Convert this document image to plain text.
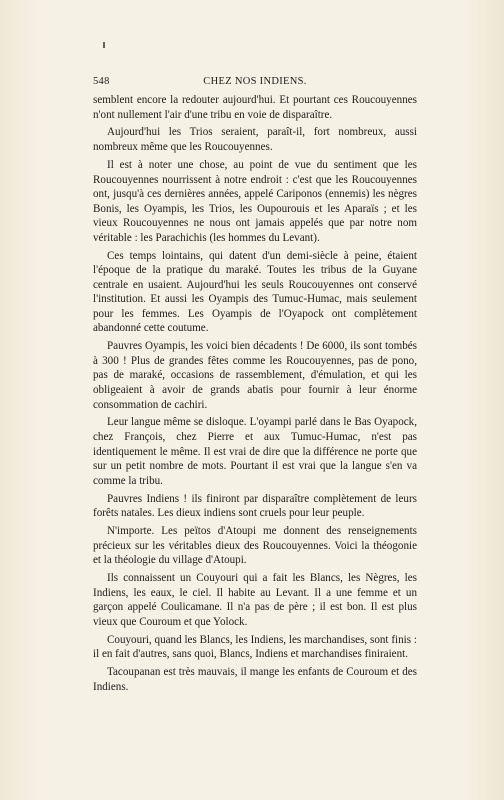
548	CHEZ NOS INDIENS.

semblent encore la redouter aujourd'hui. Et pourtant ces Roucouyennes n'ont nullement l'air d'une tribu en voie de disparaître.

Aujourd'hui les Trios seraient, paraît-il, fort nombreux, aussi nombreux même que les Roucouyennes.

Il est à noter une chose, au point de vue du sentiment que les Roucouyennes nourrissent à notre endroit : c'est que les Roucouyennes ont, jusqu'à ces dernières années, appelé Cariponos (ennemis) les nègres Bonis, les Oyampis, les Trios, les Oupourouis et les Aparaïs ; et les vieux Roucouyennes ne nous ont jamais appelés que par notre nom véritable : les Parachichis (les hommes du Levant).

Ces temps lointains, qui datent d'un demi-siècle à peine, étaient l'époque de la pratique du maraké. Toutes les tribus de la Guyane centrale en usaient. Aujourd'hui les seuls Roucouyennes ont conservé l'institution. Et aussi les Oyampis des Tumuc-Humac, mais seulement pour les femmes. Les Oyampis de l'Oyapock ont complètement abandonné cette coutume.

Pauvres Oyampis, les voici bien décadents ! De 6000, ils sont tombés à 300 ! Plus de grandes fêtes comme les Roucouyennes, pas de pono, pas de maraké, occasions de rassemblement, d'émulation, et qui les obligeaient à avoir de grands abatis pour fournir à leur énorme consommation de cachiri.

Leur langue même se disloque. L'oyampi parlé dans le Bas Oyapock, chez François, chez Pierre et aux Tumuc-Humac, n'est pas identiquement le même. Il est vrai de dire que la différence ne porte que sur un petit nombre de mots. Pourtant il est vrai que la langue s'en va comme la tribu.

Pauvres Indiens ! ils finiront par disparaître complètement de leurs forêts natales. Les dieux indiens sont cruels pour leur peuple.

N'importe. Les peïtos d'Atoupi me donnent des renseignements précieux sur les véritables dieux des Roucouyennes. Voici la théogonie et la théologie du village d'Atoupi.

Ils connaissent un Couyouri qui a fait les Blancs, les Nègres, les Indiens, les eaux, le ciel. Il habite au Levant. Il a une femme et un garçon appelé Coulicamane. Il n'a pas de père ; il est bon. Il est plus vieux que Couroum et que Yolock.

Couyouri, quand les Blancs, les Indiens, les marchandises, sont finis : il en fait d'autres, sans quoi, Blancs, Indiens et marchandises finiraient.

Tacoupanan est très mauvais, il mange les enfants de Couroum et des Indiens.
